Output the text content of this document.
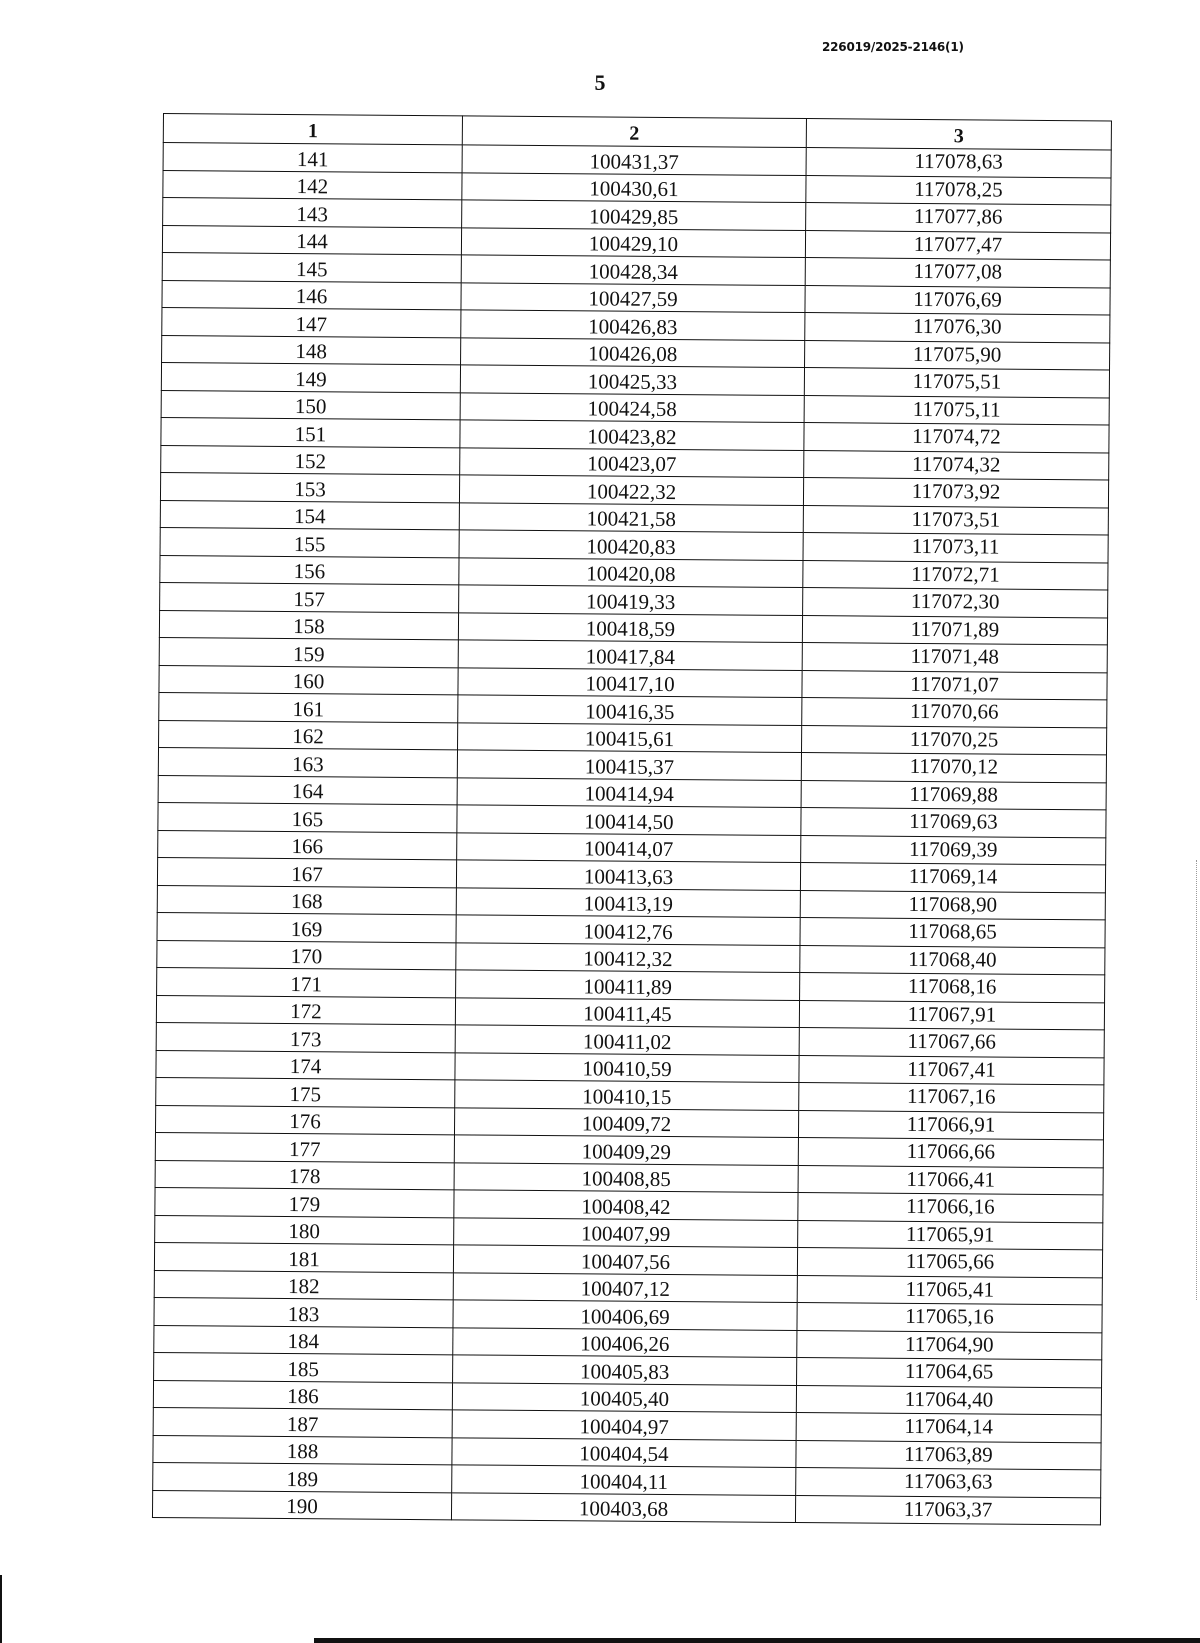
226019/2025-2146(1)
5
1	2	3
141	100431,37	117078,63
142	100430,61	117078,25
143	100429,85	117077,86
144	100429,10	117077,47
145	100428,34	117077,08
146	100427,59	117076,69
147	100426,83	117076,30
148	100426,08	117075,90
149	100425,33	117075,51
150	100424,58	117075,11
151	100423,82	117074,72
152	100423,07	117074,32
153	100422,32	117073,92
154	100421,58	117073,51
155	100420,83	117073,11
156	100420,08	117072,71
157	100419,33	117072,30
158	100418,59	117071,89
159	100417,84	117071,48
160	100417,10	117071,07
161	100416,35	117070,66
162	100415,61	117070,25
163	100415,37	117070,12
164	100414,94	117069,88
165	100414,50	117069,63
166	100414,07	117069,39
167	100413,63	117069,14
168	100413,19	117068,90
169	100412,76	117068,65
170	100412,32	117068,40
171	100411,89	117068,16
172	100411,45	117067,91
173	100411,02	117067,66
174	100410,59	117067,41
175	100410,15	117067,16
176	100409,72	117066,91
177	100409,29	117066,66
178	100408,85	117066,41
179	100408,42	117066,16
180	100407,99	117065,91
181	100407,56	117065,66
182	100407,12	117065,41
183	100406,69	117065,16
184	100406,26	117064,90
185	100405,83	117064,65
186	100405,40	117064,40
187	100404,97	117064,14
188	100404,54	117063,89
189	100404,11	117063,63
190	100403,68	117063,37
